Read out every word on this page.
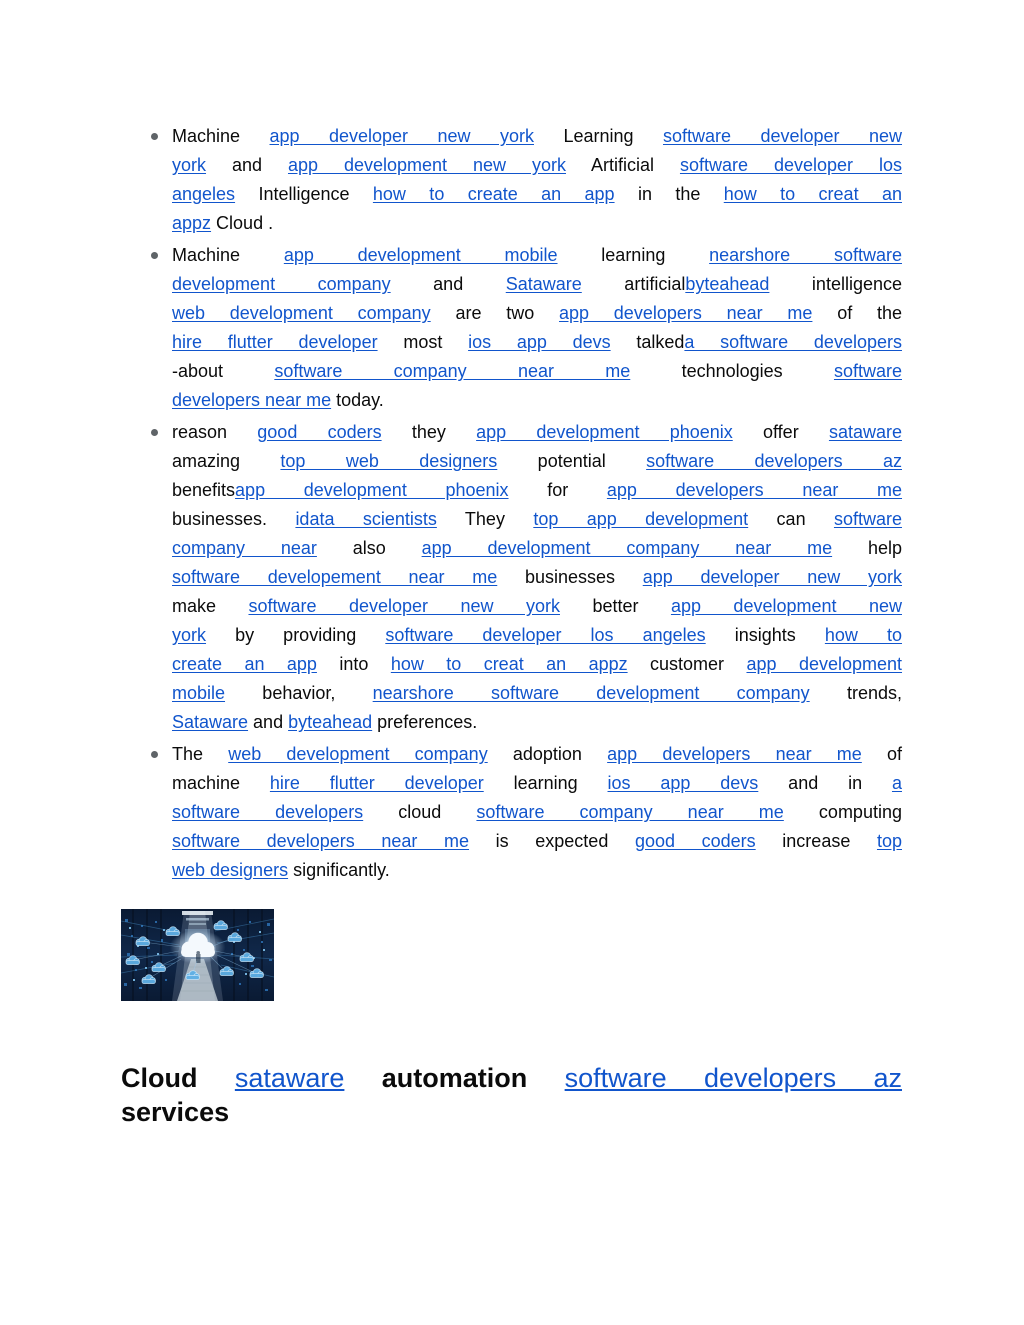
Machine app developer new york Learning software developer new
york and app development new york Artificial software developer los
angeles Intelligence how to create an app in the how to creat an
appz Cloud .
Machine app development mobile learning nearshore software
development company and Sataware artificialbyteahead intelligence
web development company are two app developers near me of the
hire flutter developer most ios app devs talkeda software developers
-about software company near me technologies software
developers near me today.
reason good coders they app development phoenix offer sataware
amazing top web designers potential software developers az
benefitsapp development phoenix for app developers near me
businesses. idata scientists They top app development can software
company near also app development company near me help
software developement near me businesses app developer new york
make software developer new york better app development new
york by providing software developer los angeles insights how to
create an app into how to creat an appz customer app development
mobile behavior, nearshore software development company trends,
Sataware and byteahead preferences.
The web development company adoption app developers near me of
machine hire flutter developer learning ios app devs and in a
software developers cloud software company near me computing
software developers near me is expected good coders increase top
web designers significantly.
Cloud sataware automation software developers az
services
